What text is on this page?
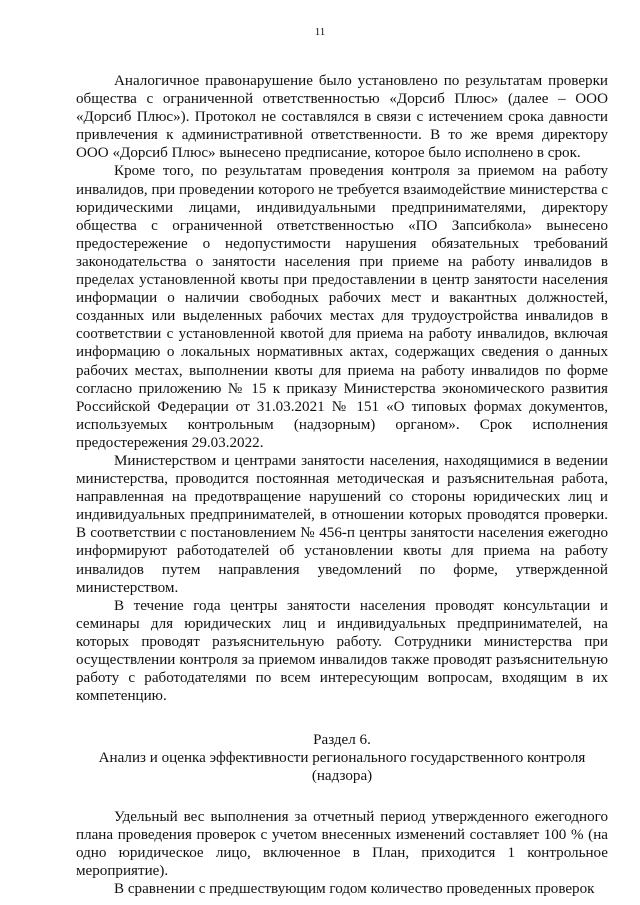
11

Аналогичное правонарушение было установлено по результатам проверки общества с ограниченной ответственностью «Дорсиб Плюс» (далее – ООО «Дорсиб Плюс»). Протокол не составлялся в связи с истечением срока давности привлечения к административной ответственности. В то же время директору ООО «Дорсиб Плюс» вынесено предписание, которое было исполнено в срок.

Кроме того, по результатам проведения контроля за приемом на работу инвалидов, при проведении которого не требуется взаимодействие министерства с юридическими лицами, индивидуальными предпринимателями, директору общества с ограниченной ответственностью «ПО Запсибкола» вынесено предостережение о недопустимости нарушения обязательных требований законодательства о занятости населения при приеме на работу инвалидов в пределах установленной квоты при предоставлении в центр занятости населения информации о наличии свободных рабочих мест и вакантных должностей, созданных или выделенных рабочих местах для трудоустройства инвалидов в соответствии с установленной квотой для приема на работу инвалидов, включая информацию о локальных нормативных актах, содержащих сведения о данных рабочих местах, выполнении квоты для приема на работу инвалидов по форме согласно приложению № 15 к приказу Министерства экономического развития Российской Федерации от 31.03.2021 № 151 «О типовых формах документов, используемых контрольным (надзорным) органом». Срок исполнения предостережения 29.03.2022.

Министерством и центрами занятости населения, находящимися в ведении министерства, проводится постоянная методическая и разъяснительная работа, направленная на предотвращение нарушений со стороны юридических лиц и индивидуальных предпринимателей, в отношении которых проводятся проверки. В соответствии с постановлением № 456-п центры занятости населения ежегодно информируют работодателей об установлении квоты для приема на работу инвалидов путем направления уведомлений по форме, утвержденной министерством.

В течение года центры занятости населения проводят консультации и семинары для юридических лиц и индивидуальных предпринимателей, на которых проводят разъяснительную работу. Сотрудники министерства при осуществлении контроля за приемом инвалидов также проводят разъяснительную работу с работодателями по всем интересующим вопросам, входящим в их компетенцию.

Раздел 6.
Анализ и оценка эффективности регионального государственного контроля
(надзора)

Удельный вес выполнения за отчетный период утвержденного ежегодного плана проведения проверок с учетом внесенных изменений составляет 100 % (на одно юридическое лицо, включенное в План, приходится 1 контрольное мероприятие).

В сравнении с предшествующим годом количество проведенных проверок
